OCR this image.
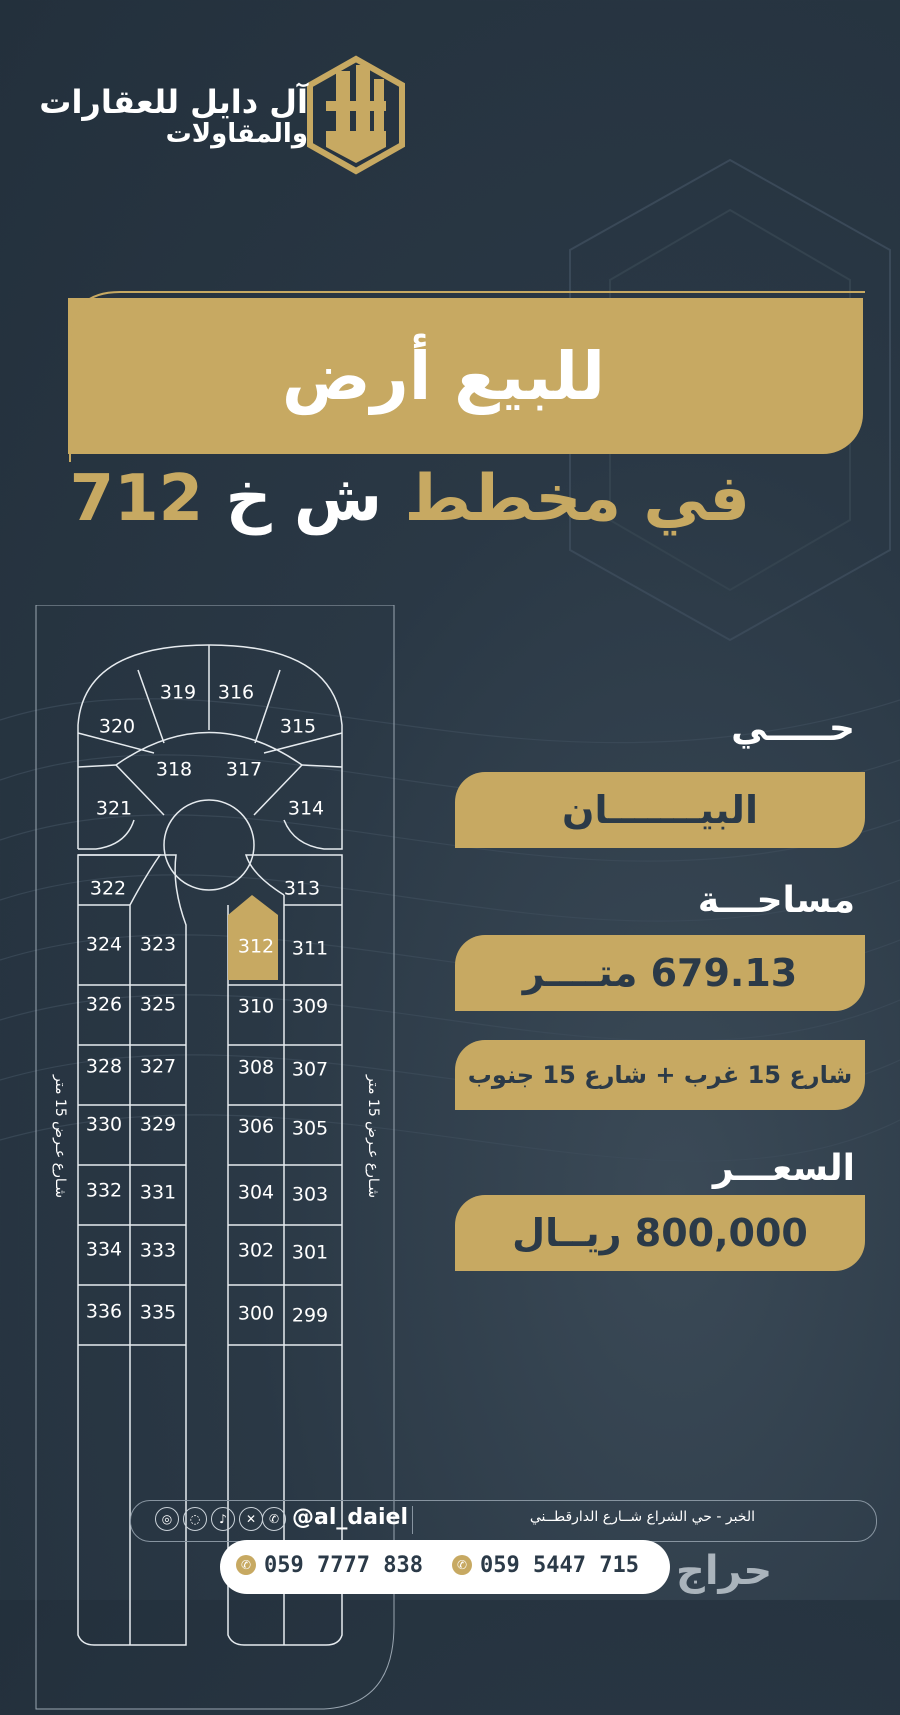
آل دايل للعقارات
والمقاولات
للبيع أرض
في مخطط ش خ 712
299
300
301
302
303
304
305
306
307
308
309
310
311
312
313
314
315
316
317
318
319
320
321
322
323
324
325
326
327
328
329
330
331
332
333
334
335
336
شـارع عـرض 15 متر
شـارع عـرض 15 متر
حـــــي
البيـــــــان
مساحـــة
679.13 متــــر
شارع 15 غرب + شارع 15 جنوب
السعـــر
800,000 ريــال
الخبر - حي الشراع شــارع الدارقطــني
@al_daiel
◎	◌	♪	✕	✆
✆ 059 7777 838	✆ 059 5447 715 حراج
